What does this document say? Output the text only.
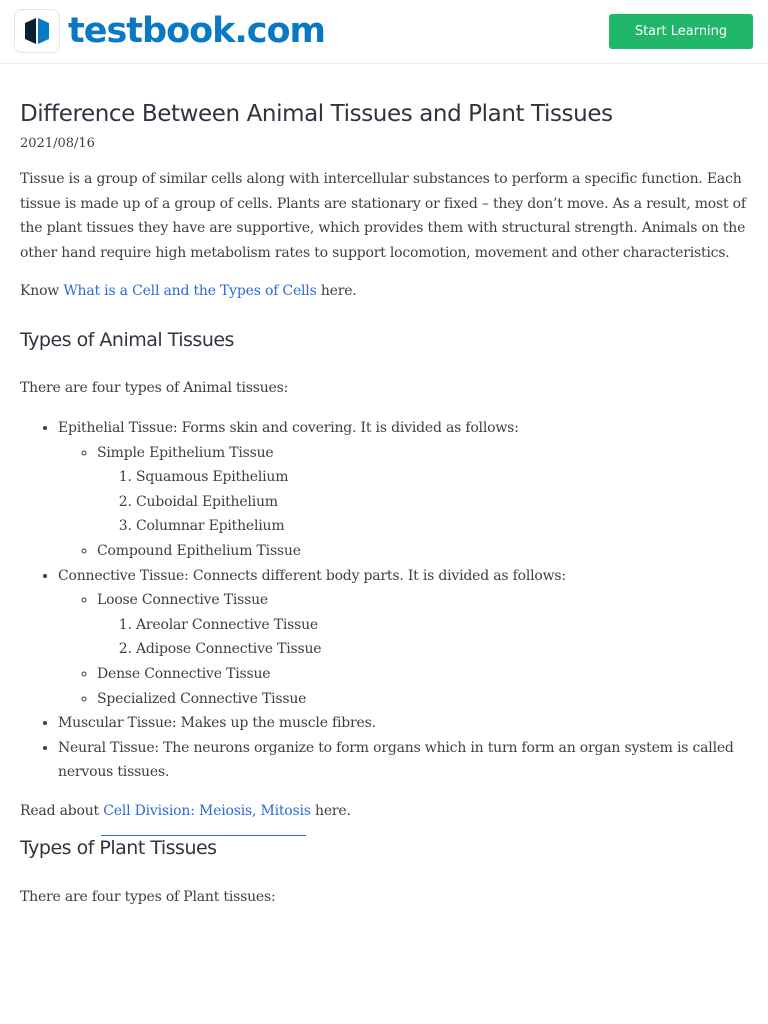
testbook.com	Start Learning
Difference Between Animal Tissues and Plant Tissues
2021/08/16

Tissue is a group of similar cells along with intercellular substances to perform a specific function. Each tissue is made up of a group of cells. Plants are stationary or fixed – they don’t move. As a result, most of the plant tissues they have are supportive, which provides them with structural strength. Animals on the other hand require high metabolism rates to support locomotion, movement and other characteristics.

Know What is a Cell and the Types of Cells here.

Types of Animal Tissues

There are four types of Animal tissues:

• Epithelial Tissue: Forms skin and covering. It is divided as follows:
◦ Simple Epithelium Tissue
1. Squamous Epithelium
2. Cuboidal Epithelium
3. Columnar Epithelium
◦ Compound Epithelium Tissue
• Connective Tissue: Connects different body parts. It is divided as follows:
◦ Loose Connective Tissue
1. Areolar Connective Tissue
2. Adipose Connective Tissue
◦ Dense Connective Tissue
◦ Specialized Connective Tissue
• Muscular Tissue: Makes up the muscle fibres.
• Neural Tissue: The neurons organize to form organs which in turn form an organ system is called nervous tissues.

Read about Cell Division: Meiosis, Mitosis here.

Types of Plant Tissues

There are four types of Plant tissues:
